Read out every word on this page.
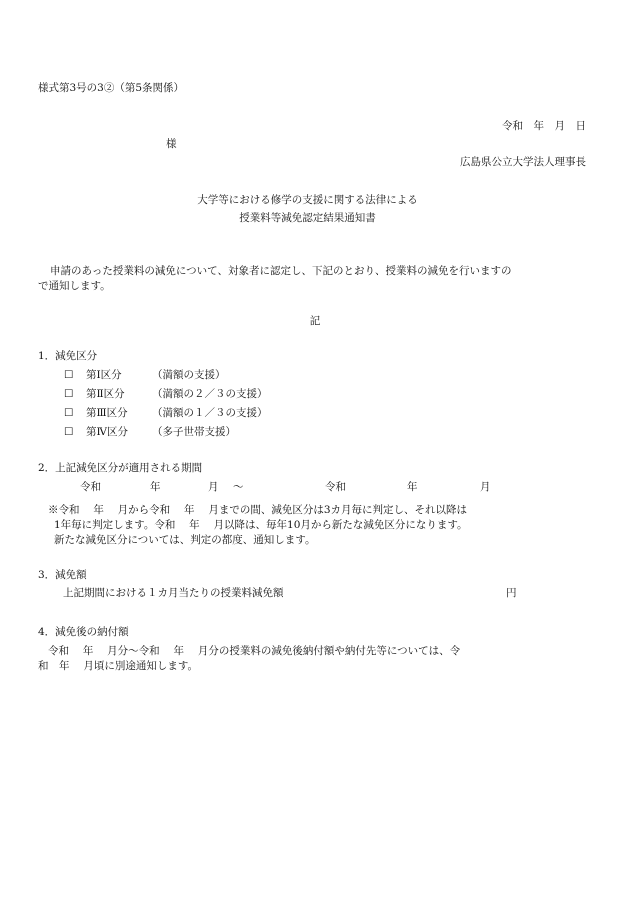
様式第3号の3②（第5条関係）
令和　年　月　日
様
広島県公立大学法人理事長
大学等における修学の支援に関する法律による
授業料等減免認定結果通知書
申請のあった授業料の減免について、対象者に認定し、下記のとおり、授業料の減免を行いますの
で通知します。
記
1．減免区分
☐ 第Ⅰ区分	（満額の支援）
☐ 第Ⅱ区分	（満額の２／３の支援）
☐ 第Ⅲ区分 （満額の１／３の支援）
☐ 第Ⅳ区分 （多子世帯支援）
2．上記減免区分が適用される期間
令和	年	月 ～	令和	年	月
※令和　 年　 月から令和　 年　 月までの間、減免区分は3カ月毎に判定し、それ以降は
1年毎に判定します。令和　 年　 月以降は、毎年10月から新たな減免区分になります。
新たな減免区分については、判定の都度、通知します。
3．減免額
上記期間における１カ月当たりの授業料減免額	円
4．減免後の納付額
令和　 年　 月分～令和　 年　 月分の授業料の減免後納付額や納付先等については、令
和　年　 月頃に別途通知します。
